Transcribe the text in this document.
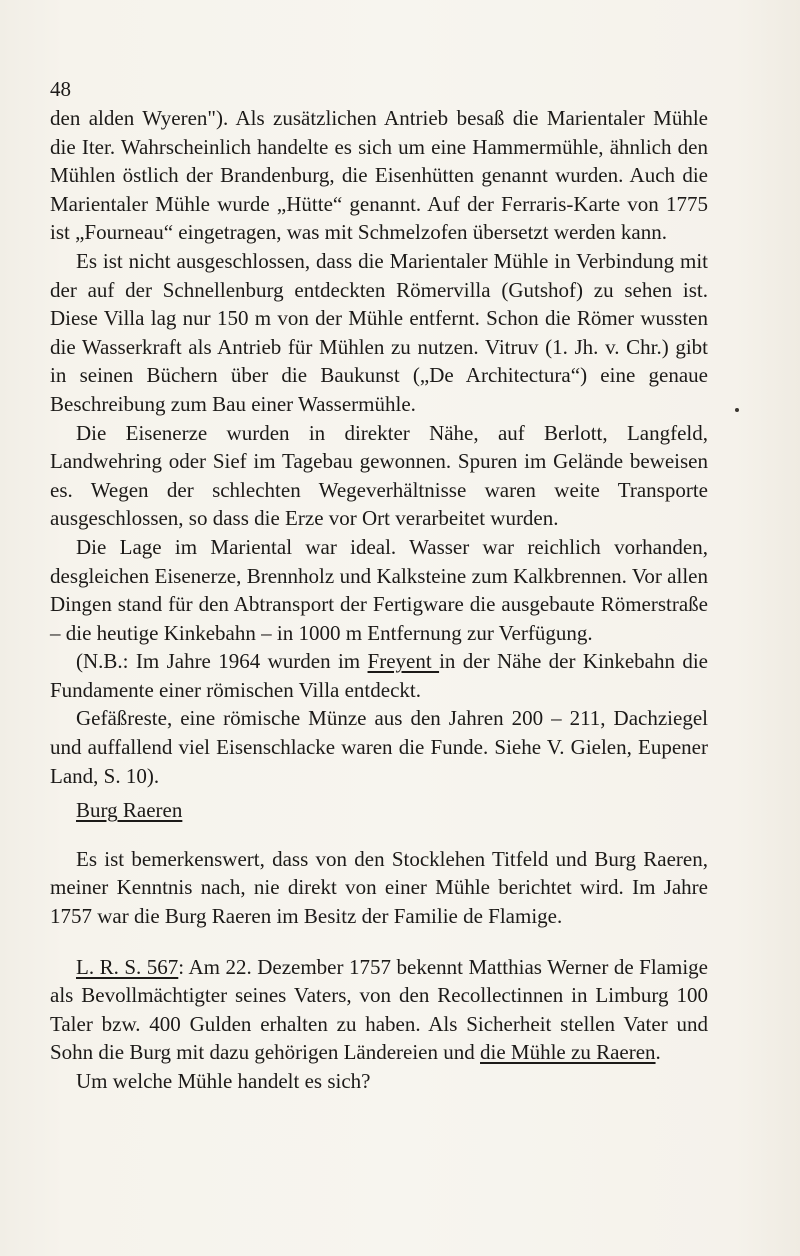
48

den alden Wyeren"). Als zusätzlichen Antrieb besaß die Marientaler Mühle die Iter. Wahrscheinlich handelte es sich um eine Hammermühle, ähnlich den Mühlen östlich der Brandenburg, die Eisenhütten genannt wurden. Auch die Marientaler Mühle wurde „Hütte“ genannt. Auf der Ferraris-Karte von 1775 ist „Fourneau“ eingetragen, was mit Schmelzofen übersetzt werden kann.

Es ist nicht ausgeschlossen, dass die Marientaler Mühle in Verbindung mit der auf der Schnellenburg entdeckten Römervilla (Gutshof) zu sehen ist. Diese Villa lag nur 150 m von der Mühle entfernt. Schon die Römer wussten die Wasserkraft als Antrieb für Mühlen zu nutzen. Vitruv (1. Jh. v. Chr.) gibt in seinen Büchern über die Baukunst („De Architectura“) eine genaue Beschreibung zum Bau einer Wassermühle.

Die Eisenerze wurden in direkter Nähe, auf Berlott, Langfeld, Landwehring oder Sief im Tagebau gewonnen. Spuren im Gelände beweisen es. Wegen der schlechten Wegeverhältnisse waren weite Transporte ausgeschlossen, so dass die Erze vor Ort verarbeitet wurden.

Die Lage im Mariental war ideal. Wasser war reichlich vorhanden, desgleichen Eisenerze, Brennholz und Kalksteine zum Kalkbrennen. Vor allen Dingen stand für den Abtransport der Fertigware die ausgebaute Römerstraße – die heutige Kinkebahn – in 1000 m Entfernung zur Verfügung.

(N.B.: Im Jahre 1964 wurden im Freyent in der Nähe der Kinkebahn die Fundamente einer römischen Villa entdeckt.

Gefäßreste, eine römische Münze aus den Jahren 200 – 211, Dachziegel und auffallend viel Eisenschlacke waren die Funde. Siehe V. Gielen, Eupener Land, S. 10).

Burg Raeren

Es ist bemerkenswert, dass von den Stocklehen Titfeld und Burg Raeren, meiner Kenntnis nach, nie direkt von einer Mühle berichtet wird. Im Jahre 1757 war die Burg Raeren im Besitz der Familie de Flamige.

L. R. S. 567: Am 22. Dezember 1757 bekennt Matthias Werner de Flamige als Bevollmächtigter seines Vaters, von den Recollectinnen in Limburg 100 Taler bzw. 400 Gulden erhalten zu haben. Als Sicherheit stellen Vater und Sohn die Burg mit dazu gehörigen Ländereien und die Mühle zu Raeren.

Um welche Mühle handelt es sich?
